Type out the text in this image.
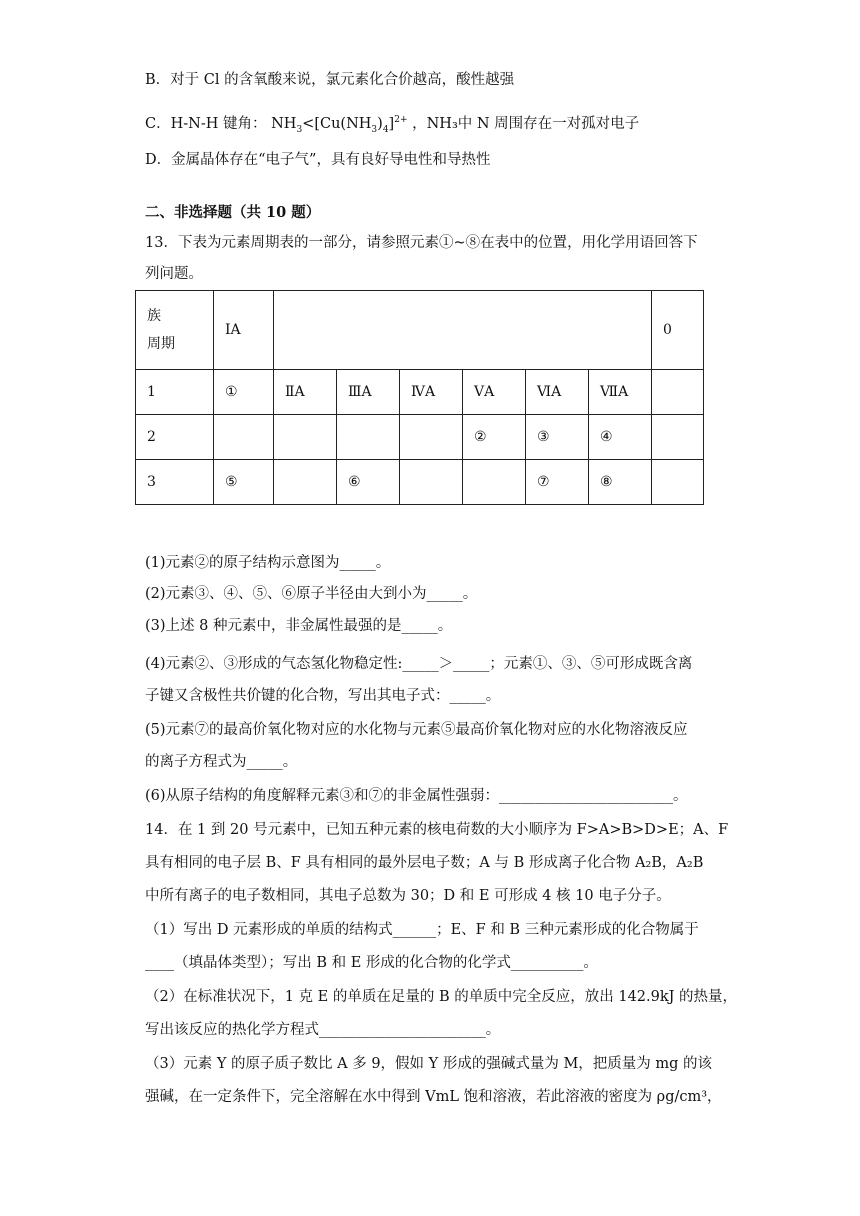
B．对于 Cl 的含氧酸来说，氯元素化合价越高，酸性越强
C．H-N-H 键角： $NH_3<[Cu(NH_3)_4]^{2+}$ ，NH₃中 N 周围存在一对孤对电子
D．金属晶体存在“电子气”，具有良好导电性和导热性
二、非选择题（共 10 题）
13．下表为元素周期表的一部分，请参照元素①~⑧在表中的位置，用化学用语回答下
列问题。
族
周期	IA							0
1	①	ⅡA	ⅢA	ⅣA	ⅤA	ⅥA	ⅦA	
2					②	③	④	
3	⑤		⑥			⑦	⑧	
(1)元素②的原子结构示意图为_____。
(2)元素③、④、⑤、⑥原子半径由大到小为_____。
(3)上述 8 种元素中，非金属性最强的是_____。
(4)元素②、③形成的气态氢化物稳定性:_____＞_____；元素①、③、⑤可形成既含离
子键又含极性共价键的化合物，写出其电子式：_____。
(5)元素⑦的最高价氧化物对应的水化物与元素⑤最高价氧化物对应的水化物溶液反应
的离子方程式为_____。
(6)从原子结构的角度解释元素③和⑦的非金属性强弱：________________________。
14．在 1 到 20 号元素中，已知五种元素的核电荷数的大小顺序为 F>A>B>D>E；A、F
具有相同的电子层 B、F 具有相同的最外层电子数；A 与 B 形成离子化合物 A₂B，A₂B
中所有离子的电子数相同，其电子总数为 30；D 和 E 可形成 4 核 10 电子分子。
（1）写出 D 元素形成的单质的结构式______；E、F 和 B 三种元素形成的化合物属于
____（填晶体类型）；写出 B 和 E 形成的化合物的化学式__________。
（2）在标准状况下，1 克 E 的单质在足量的 B 的单质中完全反应，放出 142.9kJ 的热量，
写出该反应的热化学方程式_______________________。
（3）元素 Y 的原子质子数比 A 多 9，假如 Y 形成的强碱式量为 M，把质量为 mg 的该
强碱，在一定条件下，完全溶解在水中得到 VmL 饱和溶液，若此溶液的密度为 ρg/cm³，
